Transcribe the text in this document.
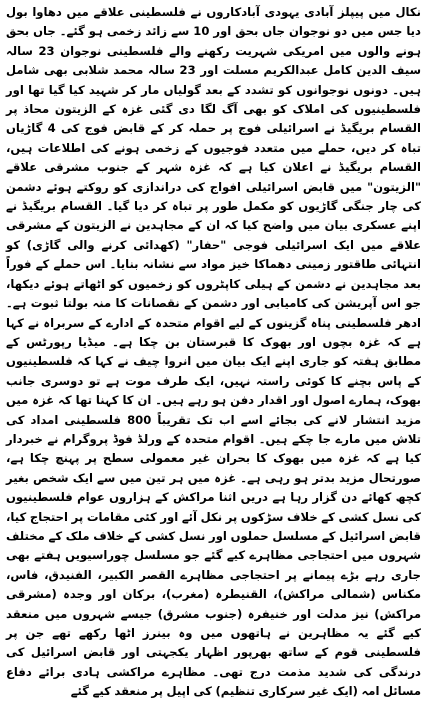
نکال میں پیپلز آبادی یہودی آبادکاروں نے فلسطینی علاقے میں دھاوا بول دیا جس میں دو نوجوان جاں بحق اور 10 سے زائد زخمی ہو گئے۔ جاں بحق ہونے والوں میں امریکی شہریت رکھنے والے فلسطینی نوجوان 23 سالہ سیف الدین کامل عبدالکریم مسلت اور 23 سالہ محمد شلابی بھی شامل ہیں۔ دونوں نوجوانوں کو تشدد کے بعد گولیاں مار کر شہید کیا گیا تھا اور فلسطینیوں کی املاک کو بھی آگ لگا دی گئی غزہ کے الزیتون محاذ پر القسام بریگیڈ نے اسرائیلی فوج پر حملہ کر کے قابض فوج کی 4 گاڑیاں تباہ کر دیں، حملے میں متعدد فوجیوں کے زخمی ہونے کی اطلاعات ہیں، القسام بریگیڈ نے اعلان کیا ہے کہ غزہ شہر کے جنوب مشرقی علاقے "الزیتون" میں قابض اسرائیلی افواج کی دراندازی کو روکتے ہوئے دشمن کی چار جنگی گاڑیوں کو مکمل طور پر تباہ کر دیا گیا۔ القسام بریگیڈ نے اپنے عسکری بیان میں واضح کیا کہ ان کے مجاہدین نے الزیتون کے مشرقی علاقے میں ایک اسرائیلی فوجی "حفار" (کھدائی کرنے والی گاڑی) کو انتہائی طاقتور زمینی دھماکا خیز مواد سے نشانہ بنایا۔ اس حملے کے فوراً بعد مجاہدین نے دشمن کے ہیلی کاپٹروں کو زخمیوں کو اٹھاتے ہوئے دیکھا، جو اس آپریشن کی کامیابی اور دشمن کے نقصانات کا منہ بولتا ثبوت ہے۔ ادھر فلسطینی پناہ گزینوں کے لیے اقوام متحدہ کے ادارے کے سربراہ نے کہا ہے کہ غزہ بچوں اور بھوک کا قبرستان بن چکا ہے۔ میڈیا رپورٹس کے مطابق ہفتہ کو جاری اپنے ایک بیان میں انروا چیف نے کہا کہ فلسطینیوں کے پاس بچنے کا کوئی راستہ نہیں، ایک طرف موت ہے تو دوسری جانب بھوک، ہمارے اصول اور اقدار دفن ہو رہے ہیں۔ ان کا کہنا تھا کہ غزہ میں مزید انتشار لانے کی بجائے اسے اب تک تقریباً 800 فلسطینی امداد کی تلاش میں مارے جا چکے ہیں۔ اقوام متحدہ کے ورلڈ فوڈ پروگرام نے خبردار کیا ہے کہ غزہ میں بھوک کا بحران غیر معمولی سطح پر پہنچ چکا ہے، صورتحال مزید بدتر ہو رہی ہے۔ غزہ میں ہر تین میں سے ایک شخص بغیر کچھ کھائے دن گزار رہا ہے دریں اثنا مراکش کے ہزاروں عوام فلسطینیوں کی نسل کشی کے خلاف سڑکوں پر نکل آئے اور کئی مقامات پر احتجاج کیا، قابض اسرائیل کے مسلسل حملوں اور نسل کشی کے خلاف ملک کے مختلف شہروں میں احتجاجی مظاہرے کیے گئے جو مسلسل چوراسیویں ہفتے بھی جاری رہے بڑے پیمانے پر احتجاجی مظاہرے القصر الکبیر، الفنیدق، فاس، مکناس (شمالی مراکش)، القنیطرہ (مغرب)، برکان اور وجدہ (مشرقی مراکش) نیز مدلت اور خنیفرہ (جنوب مشرق) جیسے شہروں میں منعقد کیے گئے یہ مظاہرین نے ہاتھوں میں وہ بینرز اٹھا رکھے تھے جن پر فلسطینی قوم کے ساتھ بھرپور اظہار یکجہتی اور قابض اسرائیل کی درندگی کی شدید مذمت درج تھی۔ مظاہرے مراکشی ہادی برائے دفاع مسائل امہ (ایک غیر سرکاری تنظیم) کی اپیل پر منعقد کیے گئے
